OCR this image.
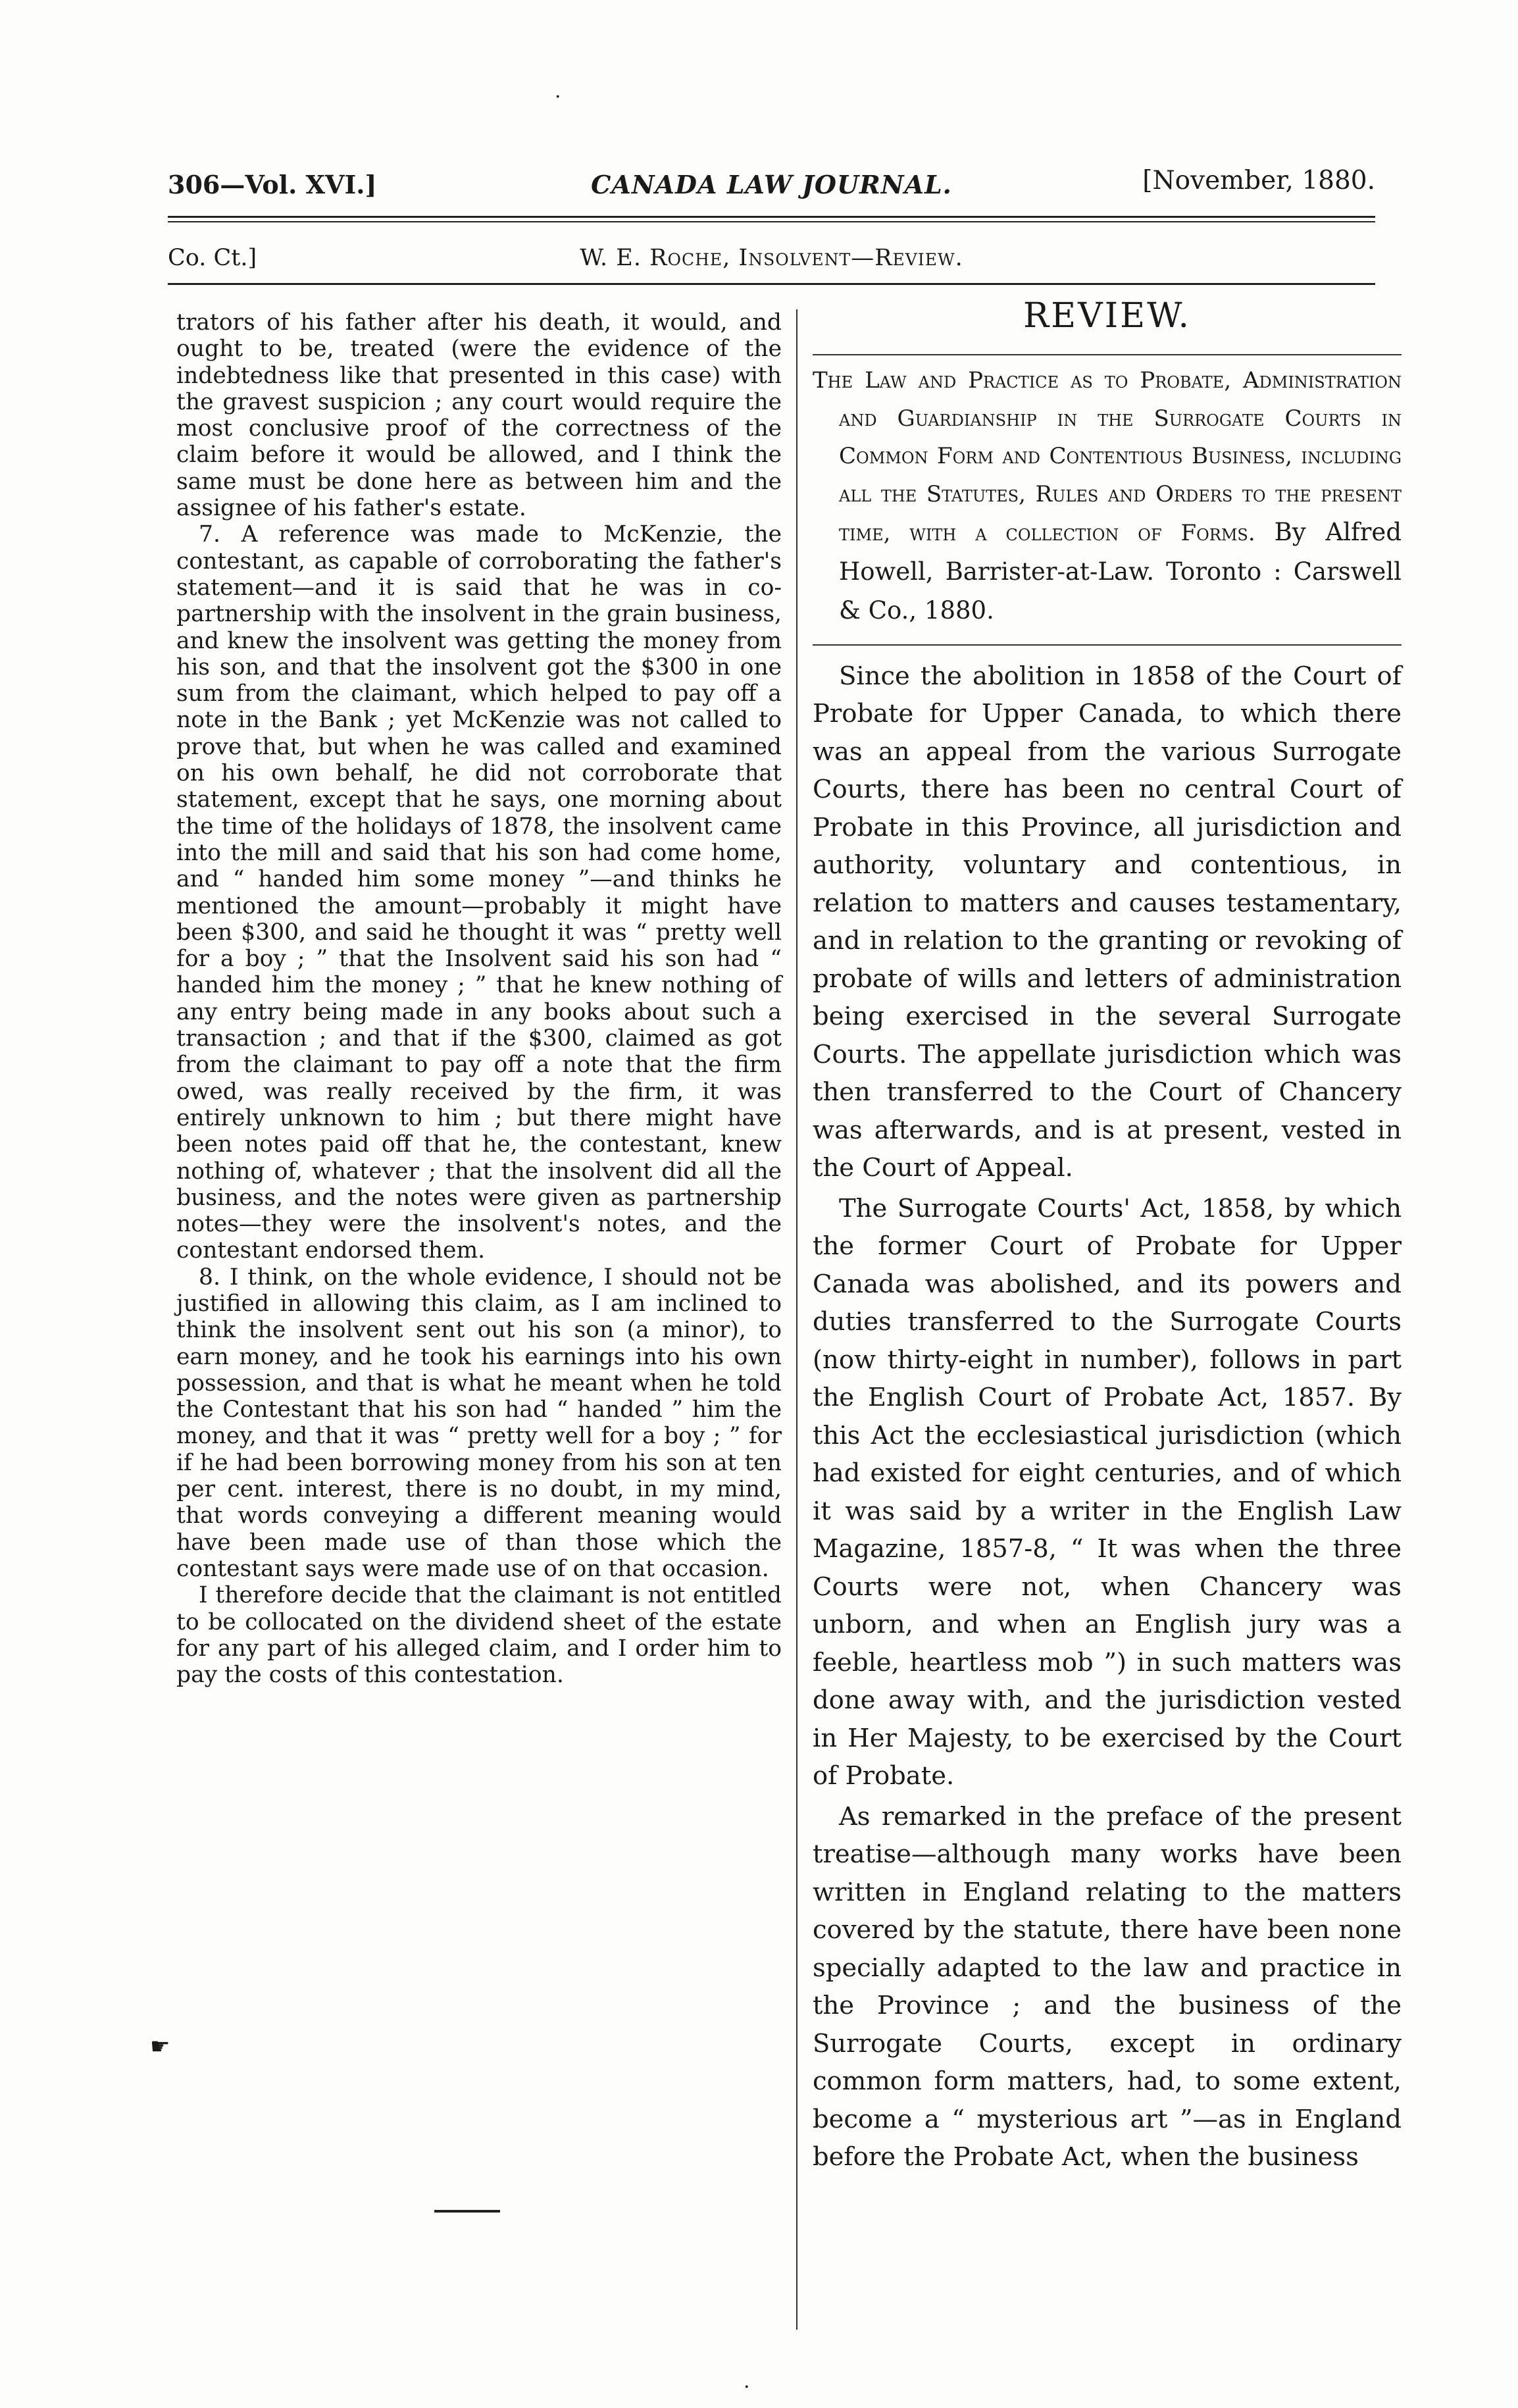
·
306—Vol. XVI.]	CANADA LAW JOURNAL.	[November, 1880.
Co. Ct.]	W. E. Roche, Insolvent—Review.

trators of his father after his death, it would, and ought to be, treated (were the evidence of the indebtedness like that presented in this case) with the gravest suspicion ; any court would require the most conclusive proof of the correctness of the claim before it would be allowed, and I think the same must be done here as between him and the assignee of his father's estate.

7. A reference was made to McKenzie, the contestant, as capable of corroborating the father's statement—and it is said that he was in co-partnership with the insolvent in the grain business, and knew the insolvent was getting the money from his son, and that the insolvent got the $300 in one sum from the claimant, which helped to pay off a note in the Bank ; yet McKenzie was not called to prove that, but when he was called and examined on his own behalf, he did not corroborate that statement, except that he says, one morning about the time of the holidays of 1878, the insolvent came into the mill and said that his son had come home, and “ handed him some money ”—and thinks he mentioned the amount—probably it might have been $300, and said he thought it was “ pretty well for a boy ; ” that the Insolvent said his son had “ handed him the money ; ” that he knew nothing of any entry being made in any books about such a transaction ; and that if the $300, claimed as got from the claimant to pay off a note that the firm owed, was really received by the firm, it was entirely unknown to him ; but there might have been notes paid off that he, the contestant, knew nothing of, whatever ; that the insolvent did all the business, and the notes were given as partnership notes—they were the insolvent's notes, and the contestant endorsed them.

8. I think, on the whole evidence, I should not be justified in allowing this claim, as I am inclined to think the insolvent sent out his son (a minor), to earn money, and he took his earnings into his own possession, and that is what he meant when he told the Contestant that his son had “ handed ” him the money, and that it was “ pretty well for a boy ; ” for if he had been borrowing money from his son at ten per cent. interest, there is no doubt, in my mind, that words conveying a different meaning would have been made use of than those which the contestant says were made use of on that occasion.

I therefore decide that the claimant is not entitled to be collocated on the dividend sheet of the estate for any part of his alleged claim, and I order him to pay the costs of this contestation.

☛
REVIEW.
The Law and Practice as to Probate, Administration and Guardianship in the Surrogate Courts in Common Form and Contentious Business, including all the Statutes, Rules and Orders to the present time, with a collection of Forms. By Alfred Howell, Barrister-at-Law. Toronto : Carswell & Co., 1880.

Since the abolition in 1858 of the Court of Probate for Upper Canada, to which there was an appeal from the various Surrogate Courts, there has been no central Court of Probate in this Province, all jurisdiction and authority, voluntary and contentious, in relation to matters and causes testamentary, and in relation to the granting or revoking of probate of wills and letters of administration being exercised in the several Surrogate Courts. The appellate jurisdiction which was then transferred to the Court of Chancery was afterwards, and is at present, vested in the Court of Appeal.

The Surrogate Courts' Act, 1858, by which the former Court of Probate for Upper Canada was abolished, and its powers and duties transferred to the Surrogate Courts (now thirty-eight in number), follows in part the English Court of Probate Act, 1857. By this Act the ecclesiastical jurisdiction (which had existed for eight centuries, and of which it was said by a writer in the English Law Magazine, 1857-8, “ It was when the three Courts were not, when Chancery was unborn, and when an English jury was a feeble, heartless mob ”) in such matters was done away with, and the jurisdiction vested in Her Majesty, to be exercised by the Court of Probate.

As remarked in the preface of the present treatise—although many works have been written in England relating to the matters covered by the statute, there have been none specially adapted to the law and practice in the Province ; and the business of the Surrogate Courts, except in ordinary common form matters, had, to some extent, become a “ mysterious art ”—as in England before the Probate Act, when the business

·
